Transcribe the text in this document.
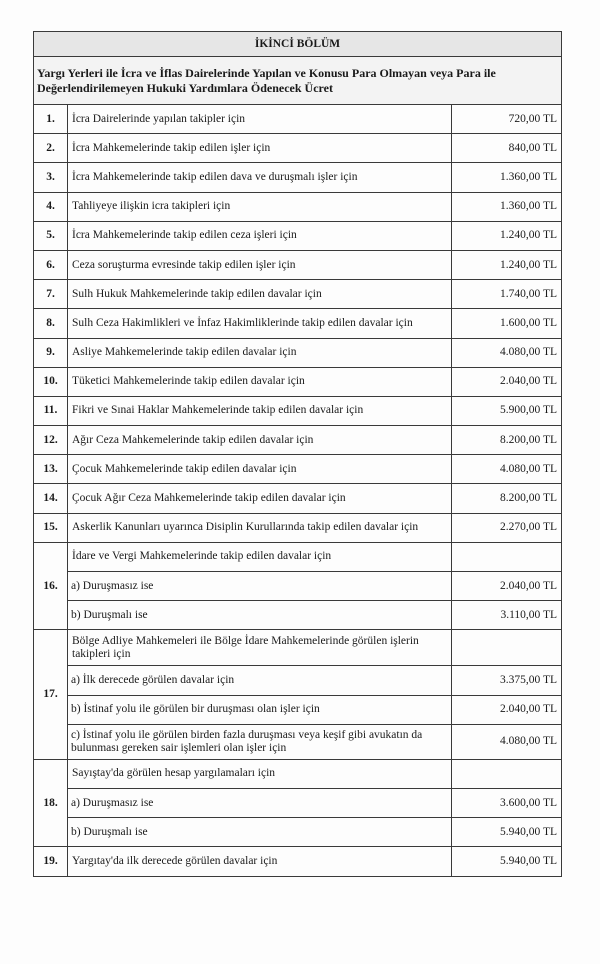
İKİNCİ BÖLÜM		

Yargı Yerleri ile İcra ve İflas Dairelerinde Yapılan ve Konusu Para Olmayan veya Para ile
Değerlendirilemeyen Hukuki Yardımlara Ödenecek Ücret		

1.	İcra Dairelerinde yapılan takipler için	720,00 TL
2.	İcra Mahkemelerinde takip edilen işler için	840,00 TL
3.	İcra Mahkemelerinde takip edilen dava ve duruşmalı işler için	1.360,00 TL
4.	Tahliyeye ilişkin icra takipleri için	1.360,00 TL
5.	İcra Mahkemelerinde takip edilen ceza işleri için	1.240,00 TL
6.	Ceza soruşturma evresinde takip edilen işler için	1.240,00 TL
7.	Sulh Hukuk Mahkemelerinde takip edilen davalar için	1.740,00 TL
8.	Sulh Ceza Hakimlikleri ve İnfaz Hakimliklerinde takip edilen davalar için	1.600,00 TL
9.	Asliye Mahkemelerinde takip edilen davalar için	4.080,00 TL
10.	Tüketici Mahkemelerinde takip edilen davalar için	2.040,00 TL
11.	Fikri ve Sınai Haklar Mahkemelerinde takip edilen davalar için	5.900,00 TL
12.	Ağır Ceza Mahkemelerinde takip edilen davalar için	8.200,00 TL
13.	Çocuk Mahkemelerinde takip edilen davalar için	4.080,00 TL
14.	Çocuk Ağır Ceza Mahkemelerinde takip edilen davalar için	8.200,00 TL
15.	Askerlik Kanunları uyarınca Disiplin Kurullarında takip edilen davalar için	2.270,00 TL
16.	İdare ve Vergi Mahkemelerinde takip edilen davalar için	
	a) Duruşmasız ise	2.040,00 TL
	b) Duruşmalı ise	3.110,00 TL
17.	Bölge Adliye Mahkemeleri ile Bölge İdare Mahkemelerinde görülen işlerin
takipleri için	

	a) İlk derecede görülen davalar için	3.375,00 TL
	b) İstinaf yolu ile görülen bir duruşması olan işler için	2.040,00 TL

	c) İstinaf yolu ile görülen birden fazla duruşması veya keşif gibi avukatın da
bulunması gereken sair işlemleri olan işler için	4.080,00 TL
18.	Sayıştay'da görülen hesap yargılamaları için	
	a) Duruşmasız ise	3.600,00 TL
	b) Duruşmalı ise	5.940,00 TL
19.	Yargıtay'da ilk derecede görülen davalar için	5.940,00 TL
